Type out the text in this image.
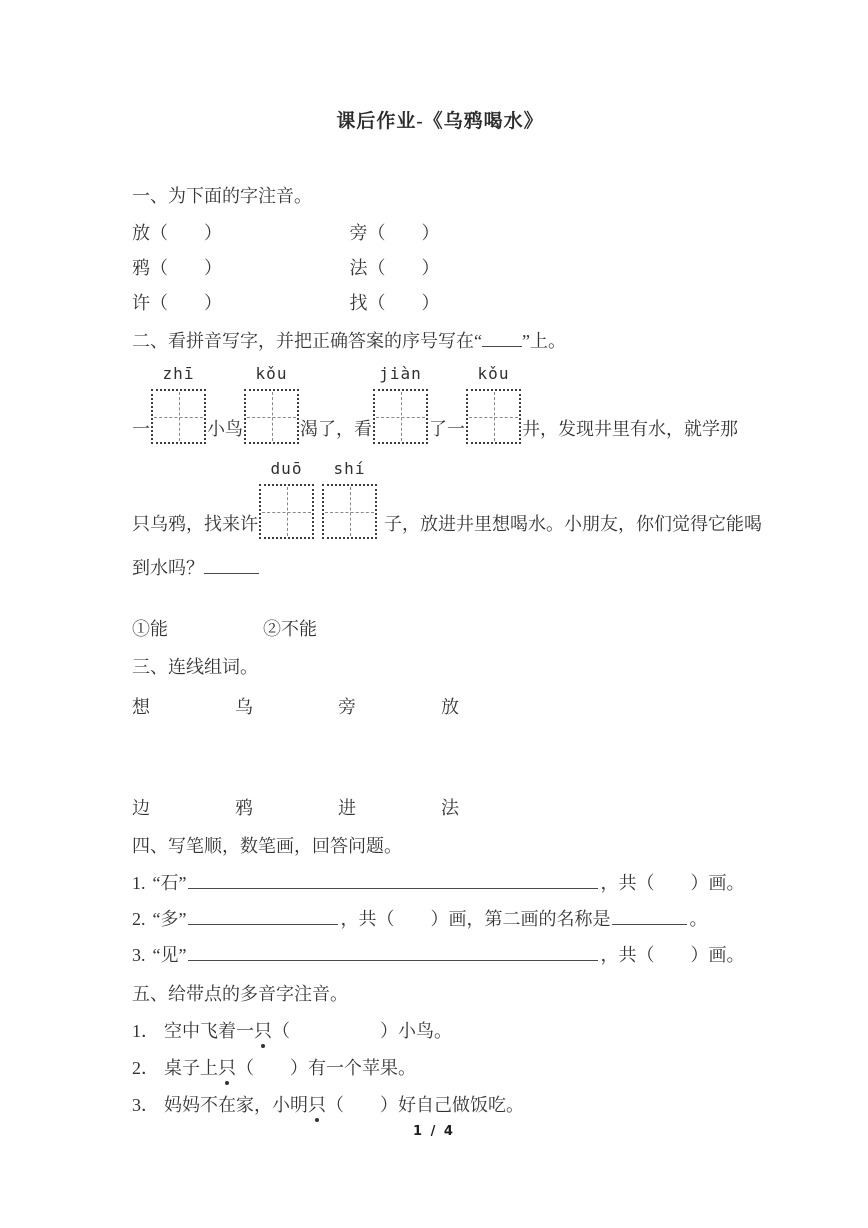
课后作业-《乌鸦喝水》
一、为下面的字注音。
放（　　）	旁（　　）
鸦（　　）	法（　　）
许（　　）	找（　　）
二、看拼音写字，并把正确答案的序号写在“ ”上。
一
zhī
小鸟
kǒu
渴了，看
jiàn
了一
kǒu
井，发现井里有水，就学那
只乌鸦，找来许
duō shí
子，放进井里想喝水。小朋友，你们觉得它能喝
到水吗？
①能	②不能
三、连线组词。
想	乌	旁	放
边	鸦	进	法
四、写笔顺，数笔画，回答问题。
1. “石”	，共（　　）画。
2. “多”	，共（　　）画，第二画的名称是	。
3. “见”	，共（　　）画。
五、给带点的多音字注音。
1． 空中飞着一只（　　　　　）小鸟。
2． 桌子上只（　　）有一个苹果。
3． 妈妈不在家，小明只（　　）好自己做饭吃。
1 / 4
